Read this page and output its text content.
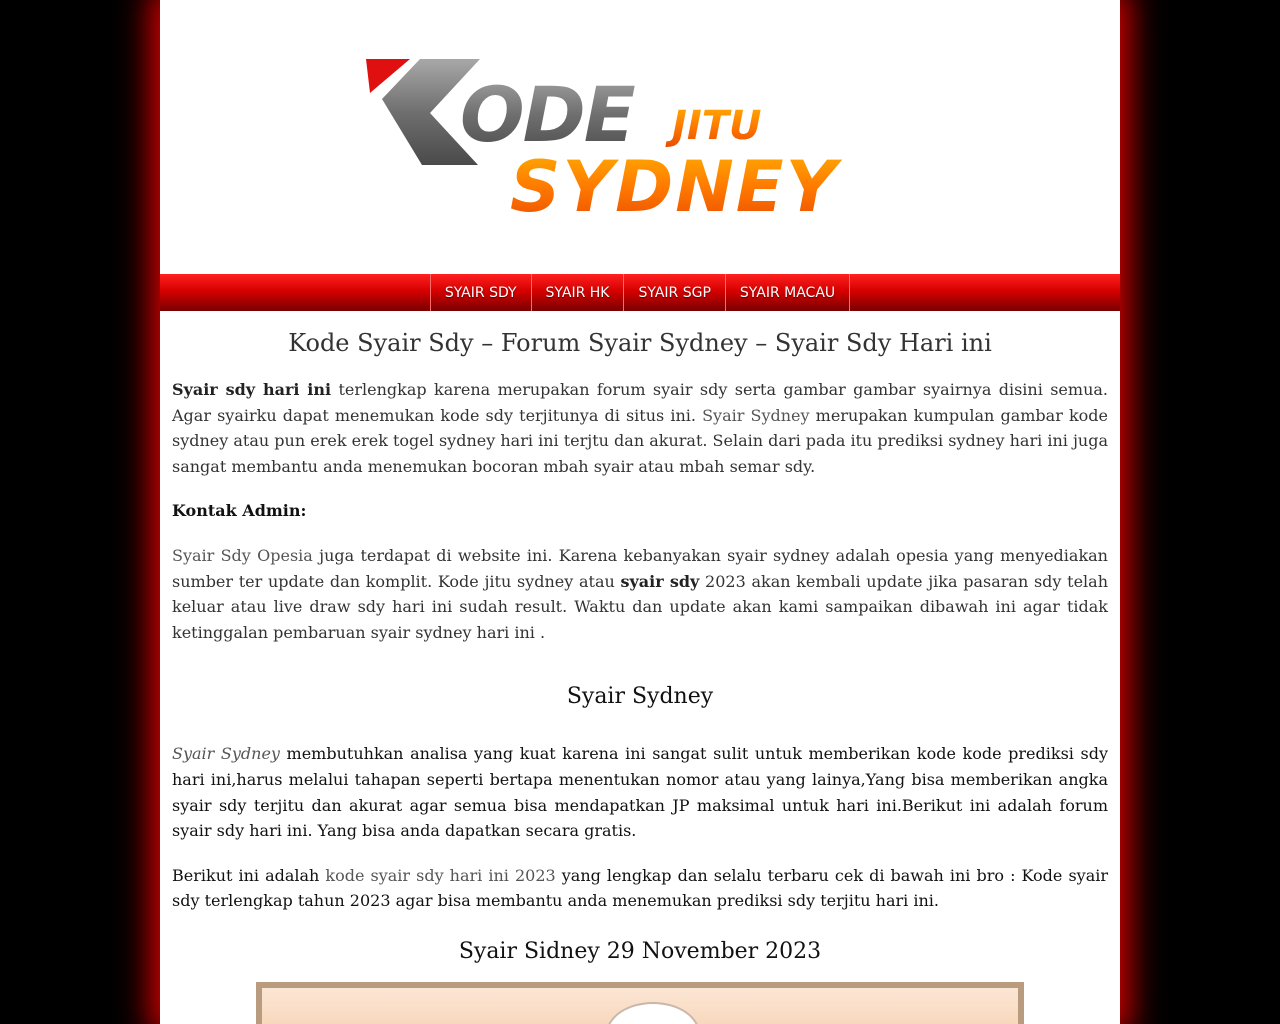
ODE JITU
SYDNEY
SYAIR SDY	SYAIR HK	SYAIR SGP	SYAIR MACAU
Kode Syair Sdy – Forum Syair Sydney – Syair Sdy Hari ini

Syair sdy hari ini terlengkap karena merupakan forum syair sdy serta gambar gambar syairnya disini semua. Agar syairku dapat menemukan kode sdy terjitunya di situs ini. Syair Sydney merupakan kumpulan gambar kode sydney atau pun erek erek togel sydney hari ini terjtu dan akurat. Selain dari pada itu prediksi sydney hari ini juga sangat membantu anda menemukan bocoran mbah syair atau mbah semar sdy.

Kontak Admin:

Syair Sdy Opesia juga terdapat di website ini. Karena kebanyakan syair sydney adalah opesia yang menyediakan sumber ter update dan komplit. Kode jitu sydney atau syair sdy 2023 akan kembali update jika pasaran sdy telah keluar atau live draw sdy hari ini sudah result. Waktu dan update akan kami sampaikan dibawah ini agar tidak ketinggalan pembaruan syair sydney hari ini .

Syair Sydney

Syair Sydney membutuhkan analisa yang kuat karena ini sangat sulit untuk memberikan kode kode prediksi sdy hari ini,harus melalui tahapan seperti bertapa menentukan nomor atau yang lainya,Yang bisa memberikan angka syair sdy terjitu dan akurat agar semua bisa mendapatkan JP maksimal untuk hari ini.Berikut ini adalah forum syair sdy hari ini. Yang bisa anda dapatkan secara gratis.

Berikut ini adalah kode syair sdy hari ini 2023 yang lengkap dan selalu terbaru cek di bawah ini bro : Kode syair sdy terlengkap tahun 2023 agar bisa membantu anda menemukan prediksi sdy terjitu hari ini.

Syair Sidney 29 November 2023
